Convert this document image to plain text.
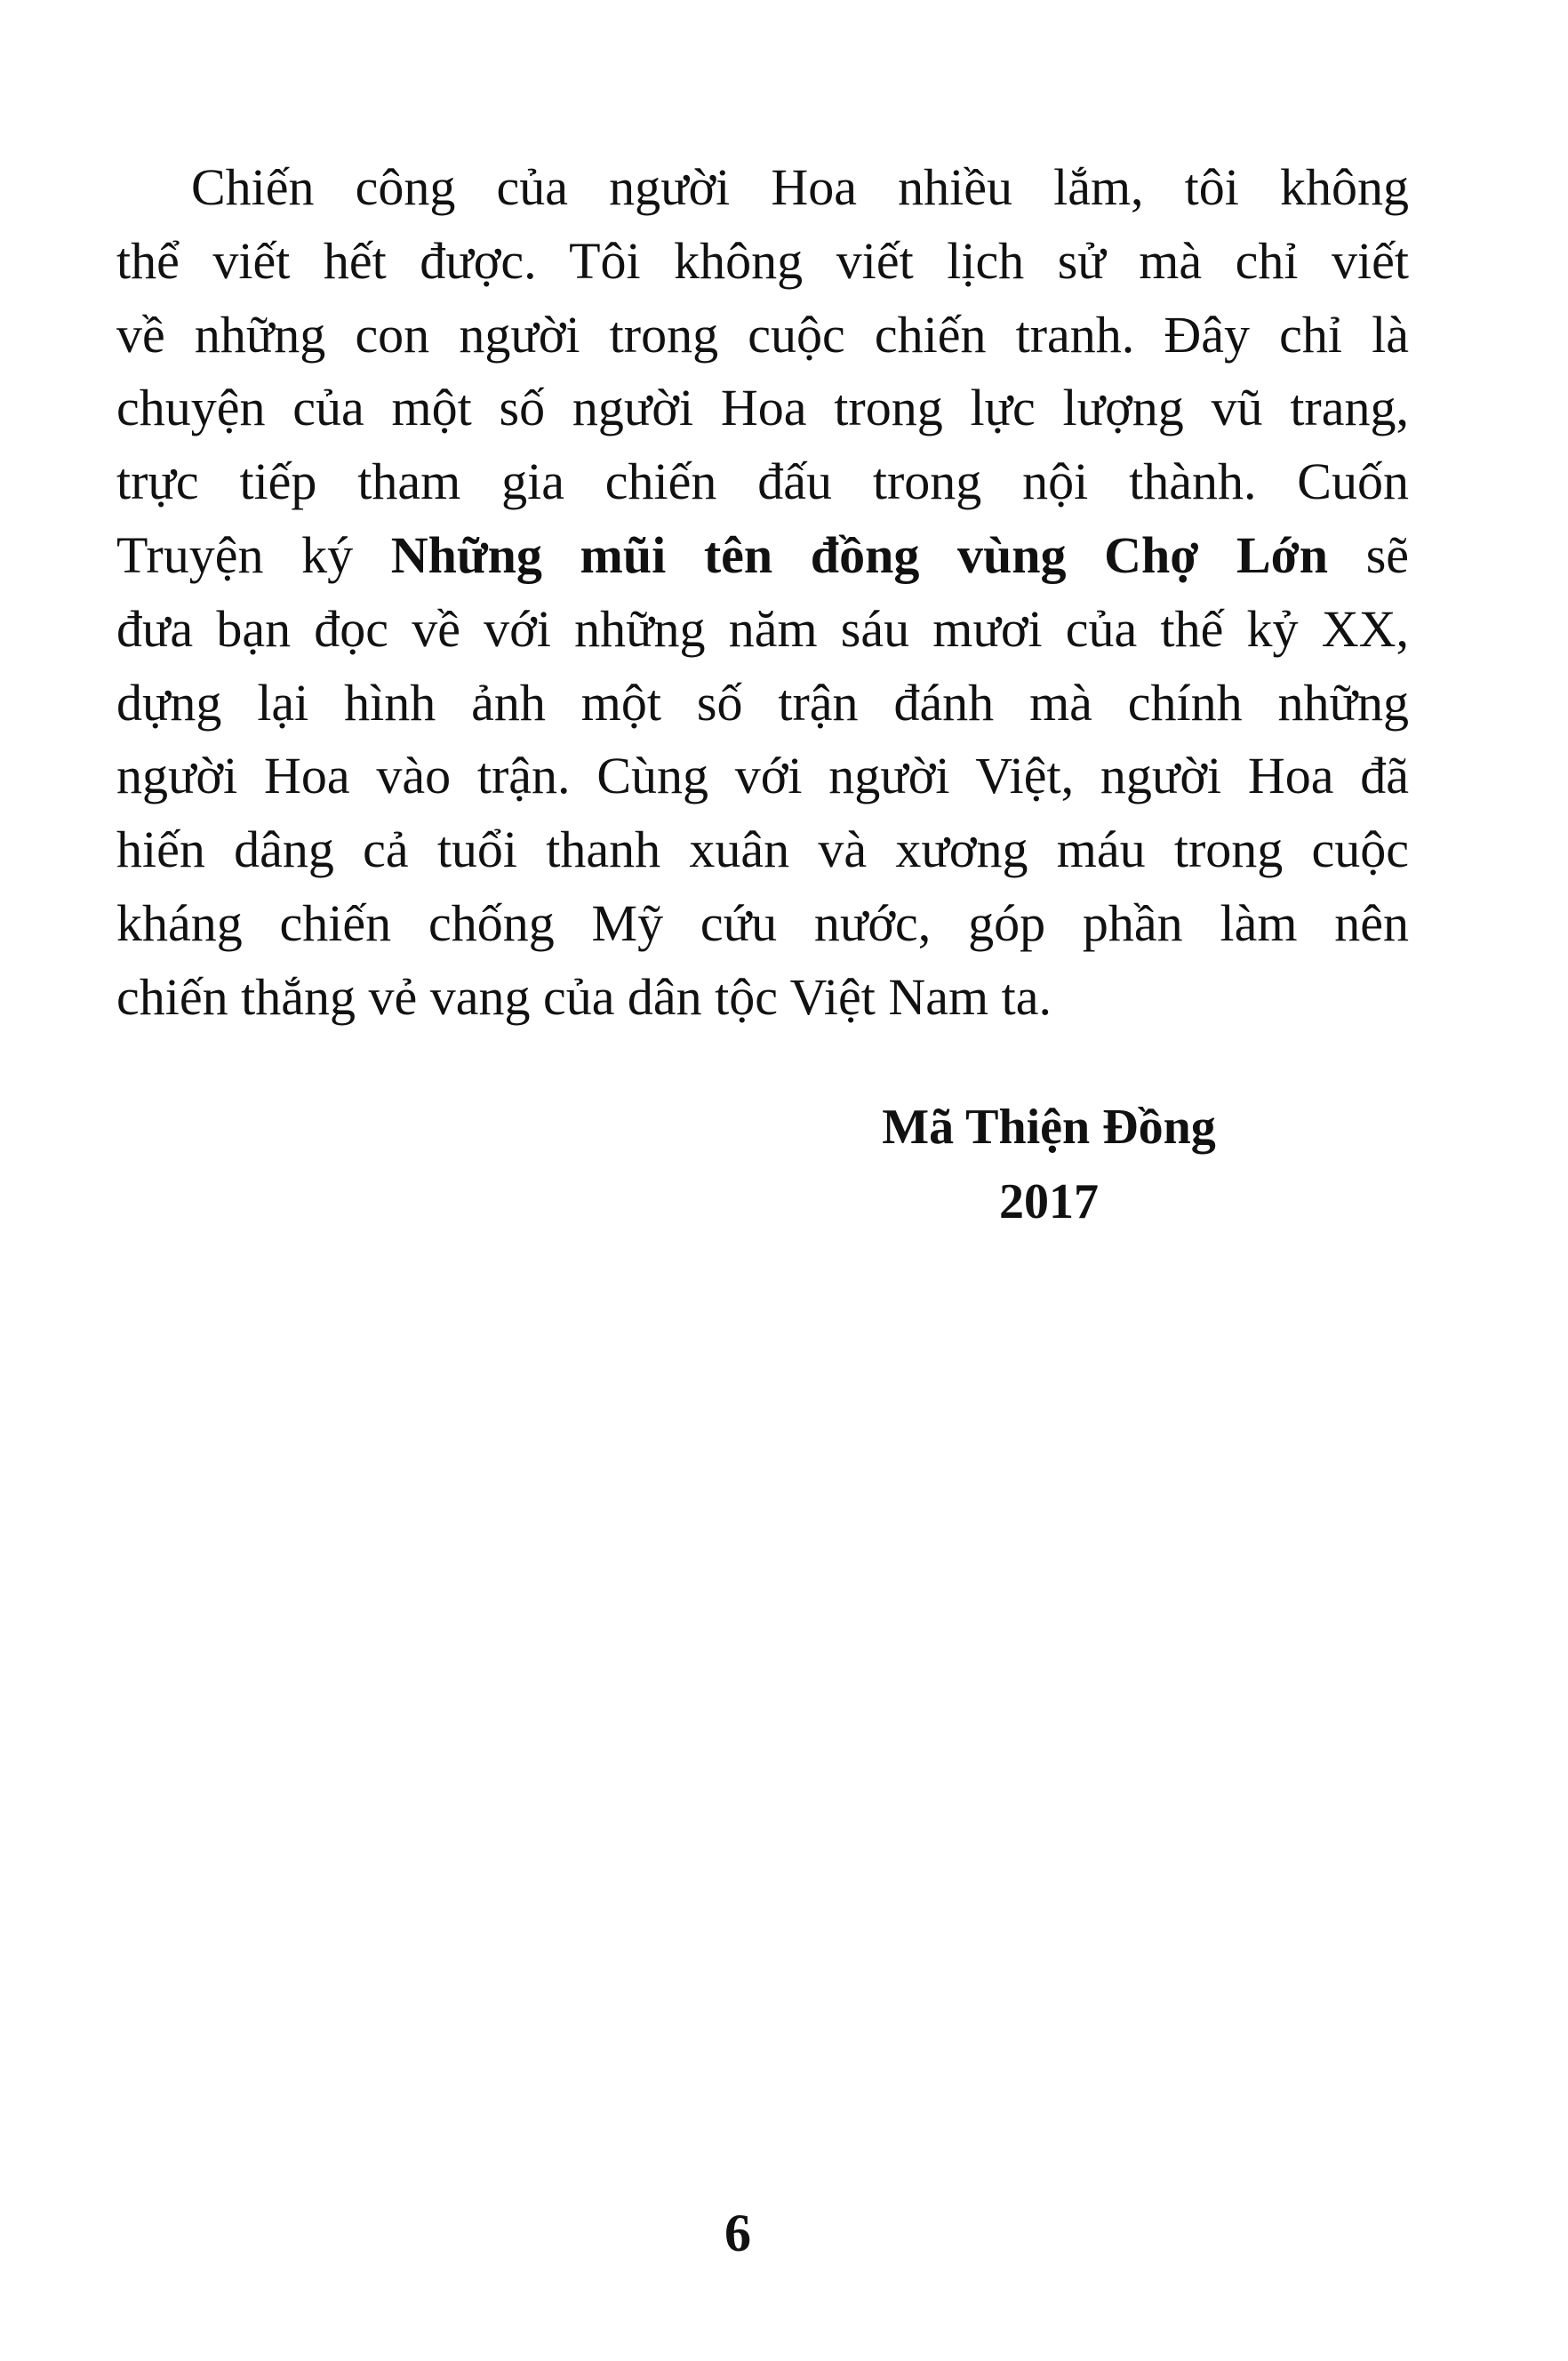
Chiến công của người Hoa nhiều lắm, tôi không
thể viết hết được. Tôi không viết lịch sử mà chỉ viết
về những con người trong cuộc chiến tranh. Đây chỉ là
chuyện của một số người Hoa trong lực lượng vũ trang,
trực tiếp tham gia chiến đấu trong nội thành. Cuốn
Truyện ký Những mũi tên đồng vùng Chợ Lớn sẽ
đưa bạn đọc về với những năm sáu mươi của thế kỷ XX,
dựng lại hình ảnh một số trận đánh mà chính những
người Hoa vào trận. Cùng với người Việt, người Hoa đã
hiến dâng cả tuổi thanh xuân và xương máu trong cuộc
kháng chiến chống Mỹ cứu nước, góp phần làm nên
chiến thắng vẻ vang của dân tộc Việt Nam ta.
Mã Thiện Đồng
2017
6
